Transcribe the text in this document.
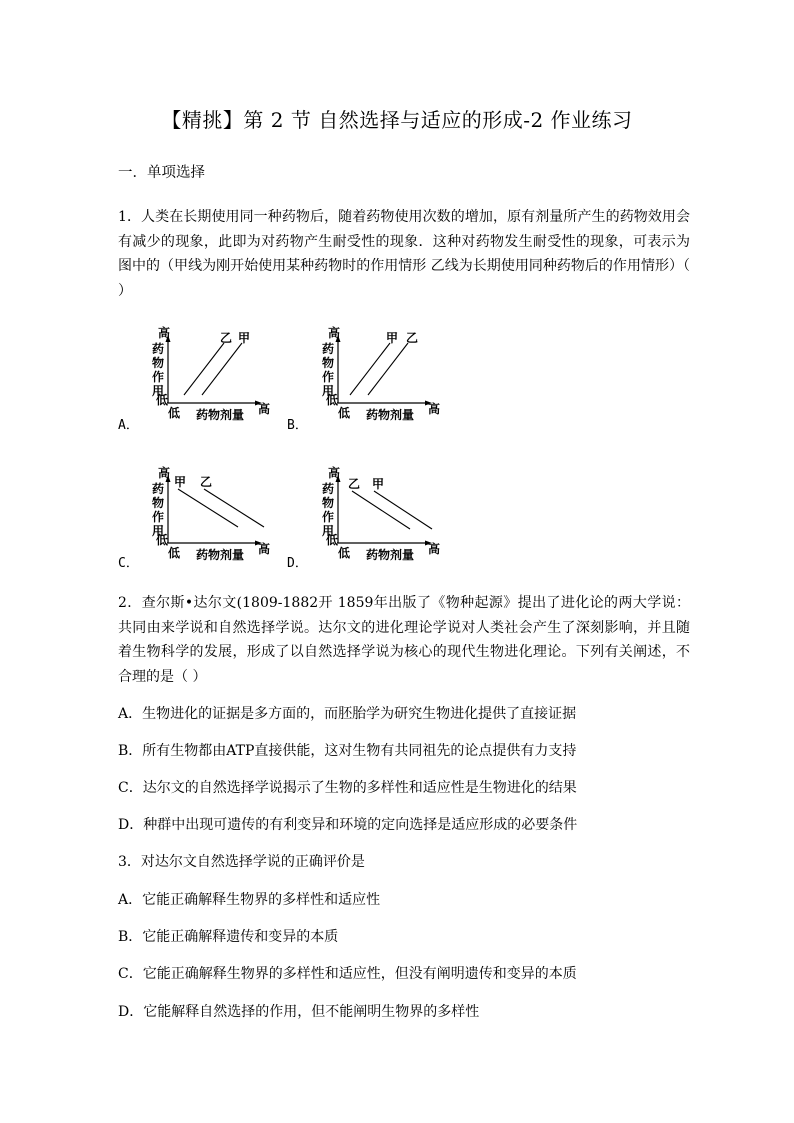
【精挑】第 2 节 自然选择与适应的形成-2 作业练习
一．单项选择
1．人类在长期使用同一种药物后，随着药物使用次数的增加，原有剂量所产生的药物效用会有减少的现象，此即为对药物产生耐受性的现象．这种对药物发生耐受性的现象，可表示为图中的（甲线为刚开始使用某种药物时的作用情形 乙线为长期使用同种药物后的作用情形）（ ）
高
药
物
作
用
低
低 药物剂量 高
乙 甲
A．
高
药
物
作
用
低
低 药物剂量 高
甲 乙
B．
高
药
物
作
用
低
低 药物剂量 高
甲 乙
C．
高
药
物
作
用
低
低 药物剂量 高
乙 甲
D．
2．查尔斯•达尔文(1809-1882开 1859年出版了《物种起源》提出了进化论的两大学说：共同由来学说和自然选择学说。达尔文的进化理论学说对人类社会产生了深刻影响，并且随着生物科学的发展，形成了以自然选择学说为核心的现代生物进化理论。下列有关阐述，不合理的是（ ）
A．生物进化的证据是多方面的，而胚胎学为研究生物进化提供了直接证据
B．所有生物都由ATP直接供能，这对生物有共同祖先的论点提供有力支持
C．达尔文的自然选择学说揭示了生物的多样性和适应性是生物进化的结果
D．种群中出现可遗传的有利变异和环境的定向选择是适应形成的必要条件
3．对达尔文自然选择学说的正确评价是
A．它能正确解释生物界的多样性和适应性
B．它能正确解释遗传和变异的本质
C．它能正确解释生物界的多样性和适应性，但没有阐明遗传和变异的本质
D．它能解释自然选择的作用，但不能阐明生物界的多样性
